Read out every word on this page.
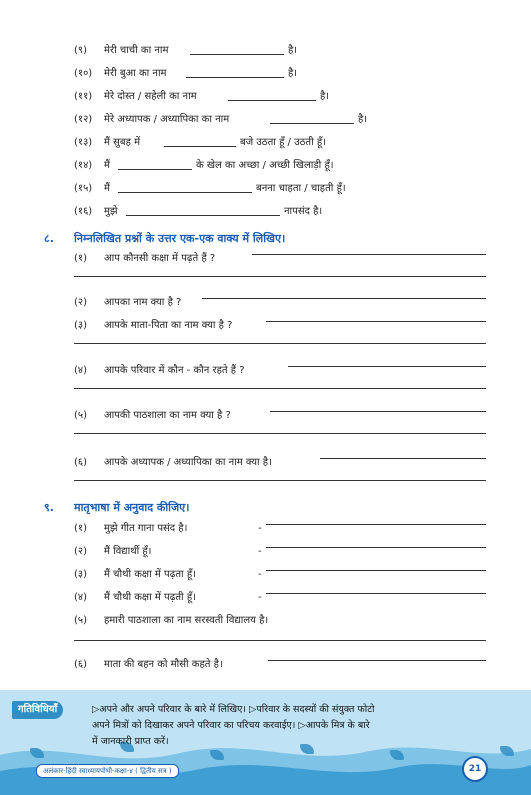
(९) मेरी चाची का नाम	है।
(१०) मेरी बुआ का नाम	है।
(११) मेरे दोस्त / सहेली का नाम	है।
(१२) मेरे अध्यापक / अध्यापिका का नाम	है।
(१३) मैं सुबह में	बजे उठता हूँ / उठती हूँ।
(१४) मैं	के खेल का अच्छा / अच्छी खिलाड़ी हूँ।
(१५) मैं	बनना चाहता / चाहती हूँ।
(१६) मुझे	नापसंद है।
८. निम्नलिखित प्रश्नों के उत्तर एक-एक वाक्य में लिखिए।
(१) आप कौनसी कक्षा में पढ़ते हैं ?
(२) आपका नाम क्या है ?
(३) आपके माता-पिता का नाम क्या है ?
(४) आपके परिवार में कौन - कौन रहते हैं ?
(५) आपकी पाठशाला का नाम क्या है ?
(६) आपके अध्यापक / अध्यापिका का नाम क्या है।
९. मातृभाषा में अनुवाद कीजिए।
(१) मुझे गीत गाना पसंद है।	-
(२) मैं विद्यार्थी हूँ।	-
(३) मैं चौथी कक्षा में पढ़ता हूँ।	-
(४) मैं चौथी कक्षा में पढ़ती हूँ।	-
(५) हमारी पाठशाला का नाम सरस्वती विद्यालय है।
(६) माता की बहन को मौसी कहते है।
गतिविधियाँ	▷अपने और अपने परिवार के बारे में लिखिए। ▷परिवार के सदस्यों की संयुक्त फोटो
अपने मित्रों को दिखाकर अपने परिवार का परिचय करवाईए। ▷आपके मित्र के बारे
में जानकारी प्राप्त करें।
अलंकार-हिंदी स्वाध्यायपोथी-कक्षा-४ ( द्वितीय सत्र )	21
